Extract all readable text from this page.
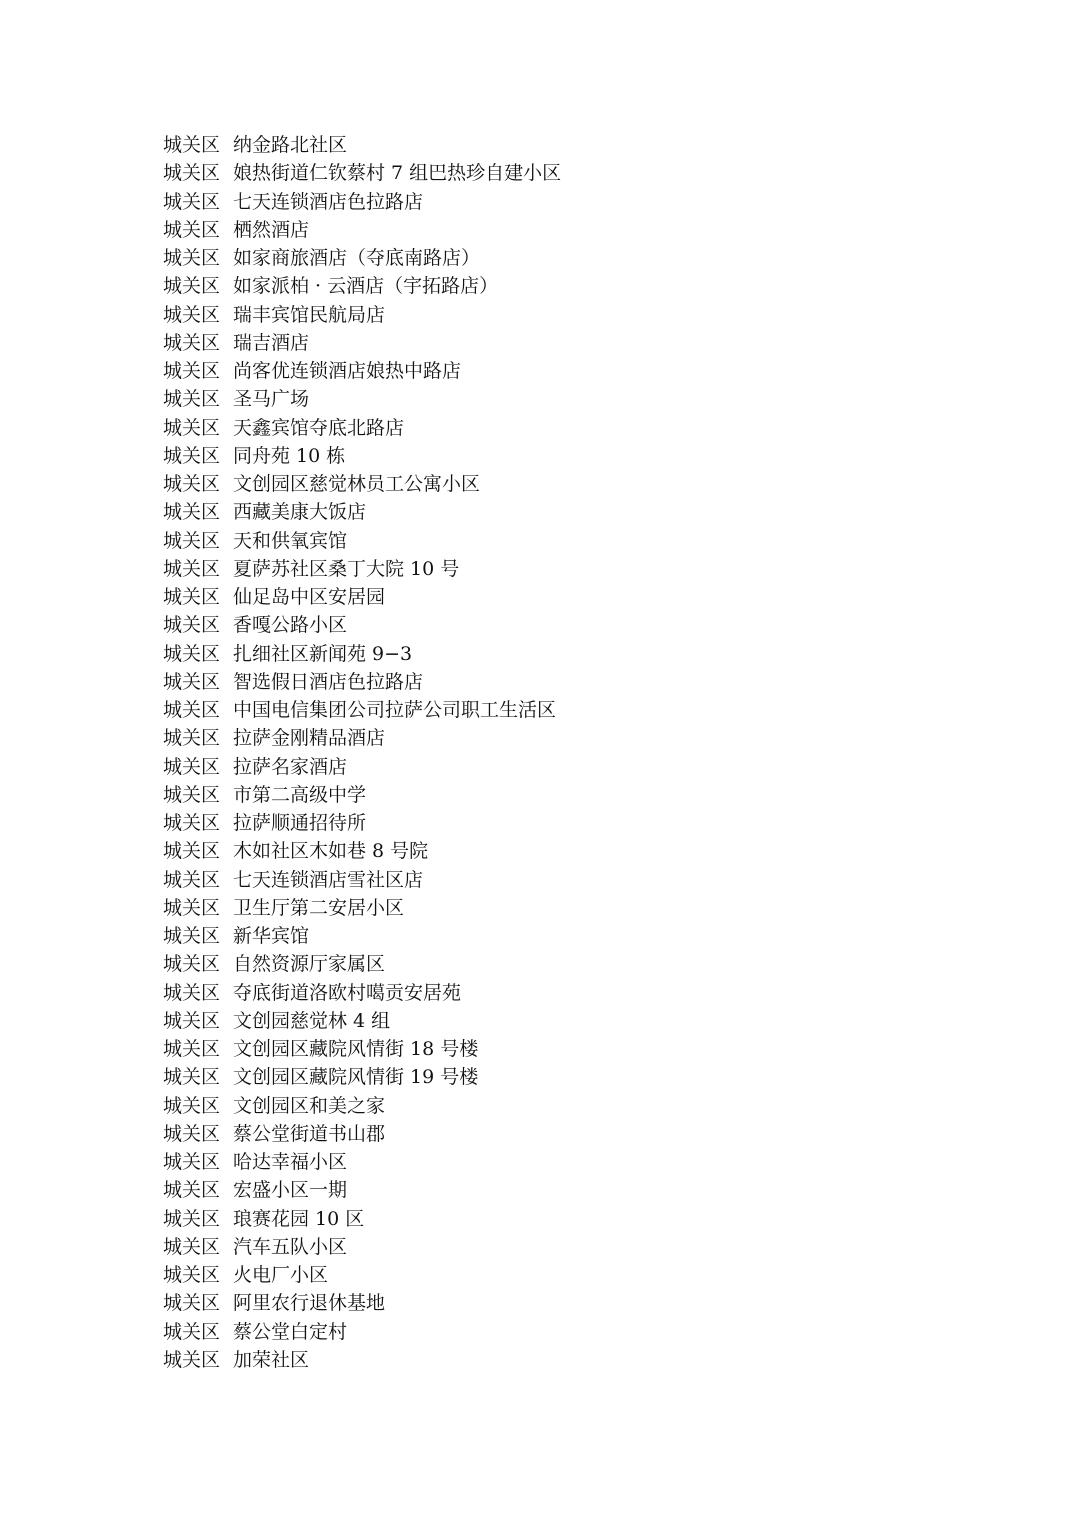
城关区 纳金路北社区
城关区 娘热街道仁钦蔡村 7 组巴热珍自建小区
城关区 七天连锁酒店色拉路店
城关区 栖然酒店
城关区 如家商旅酒店（夺底南路店）
城关区 如家派柏 · 云酒店（宇拓路店）
城关区 瑞丰宾馆民航局店
城关区 瑞吉酒店
城关区 尚客优连锁酒店娘热中路店
城关区 圣马广场
城关区 天鑫宾馆夺底北路店
城关区 同舟苑 10 栋
城关区 文创园区慈觉林员工公寓小区
城关区 西藏美康大饭店
城关区 天和供氧宾馆
城关区 夏萨苏社区桑丁大院 10 号
城关区 仙足岛中区安居园
城关区 香嘎公路小区
城关区 扎细社区新闻苑 9−3
城关区 智选假日酒店色拉路店
城关区 中国电信集团公司拉萨公司职工生活区
城关区 拉萨金刚精品酒店
城关区 拉萨名家酒店
城关区 市第二高级中学
城关区 拉萨顺通招待所
城关区 木如社区木如巷 8 号院
城关区 七天连锁酒店雪社区店
城关区 卫生厅第二安居小区
城关区 新华宾馆
城关区 自然资源厅家属区
城关区 夺底街道洛欧村噶贡安居苑
城关区 文创园慈觉林 4 组
城关区 文创园区藏院风情街 18 号楼
城关区 文创园区藏院风情街 19 号楼
城关区 文创园区和美之家
城关区 蔡公堂街道书山郡
城关区 哈达幸福小区
城关区 宏盛小区一期
城关区 琅赛花园 10 区
城关区 汽车五队小区
城关区 火电厂小区
城关区 阿里农行退休基地
城关区 蔡公堂白定村
城关区 加荣社区
